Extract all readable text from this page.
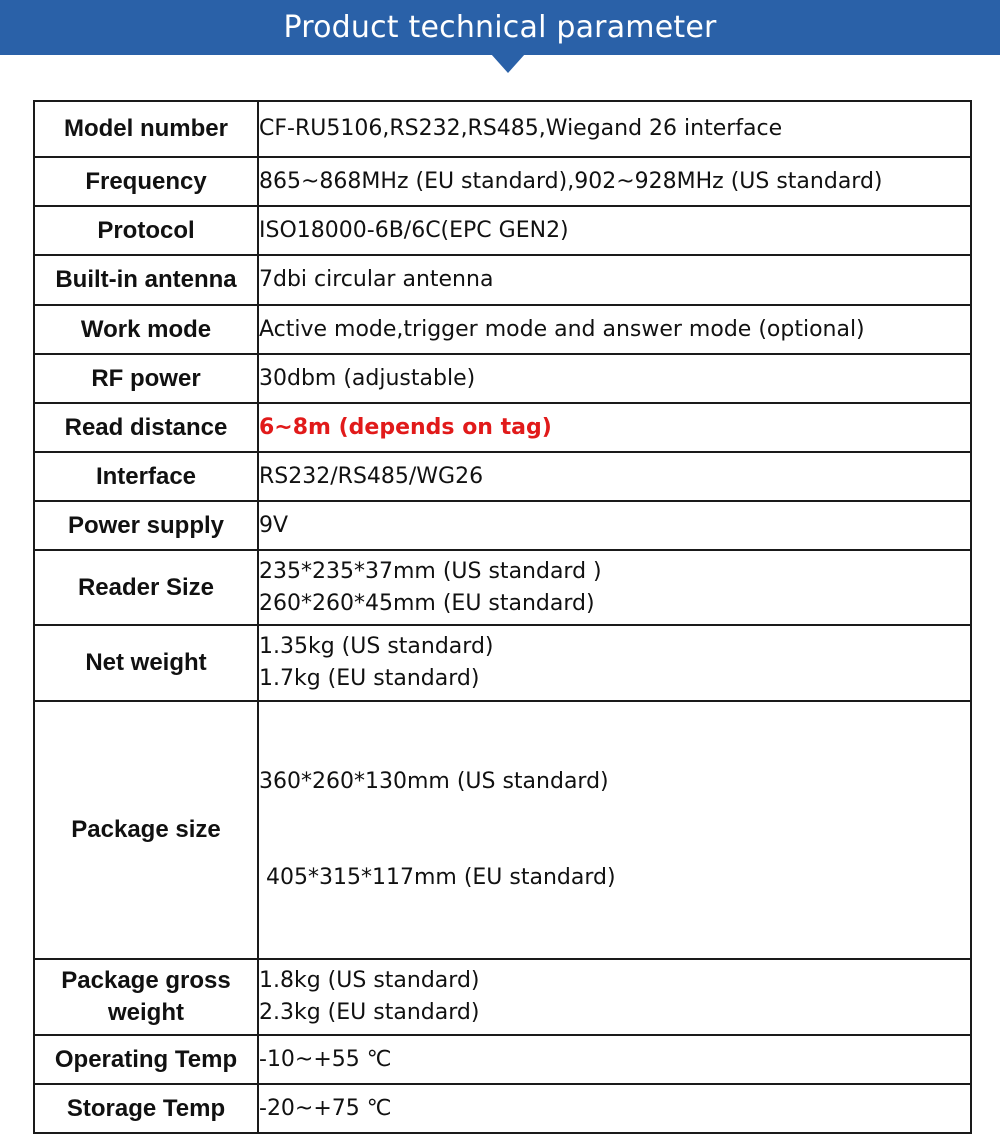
Product technical parameter
Model number	CF-RU5106,RS232,RS485,Wiegand 26 interface

Frequency	865~868MHz (EU standard),902~928MHz (US standard)

Protocol	ISO18000-6B/6C(EPC GEN2)

Built-in antenna	7dbi circular antenna

Work mode	Active mode,trigger mode and answer mode (optional)

RF power	30dbm (adjustable)

Read distance	6~8m (depends on tag)

Interface	RS232/RS485/WG26

Power supply	9V

Reader Size	235*235*37mm (US standard )
260*260*45mm (EU standard)

Net weight	1.35kg (US standard)
1.7kg (EU standard)

Package size	360*260*130mm (US standard)

405*315*117mm (EU standard)

Package gross weight	1.8kg (US standard)
2.3kg (EU standard)

Operating Temp	-10~+55 ℃

Storage Temp	-20~+75 ℃
